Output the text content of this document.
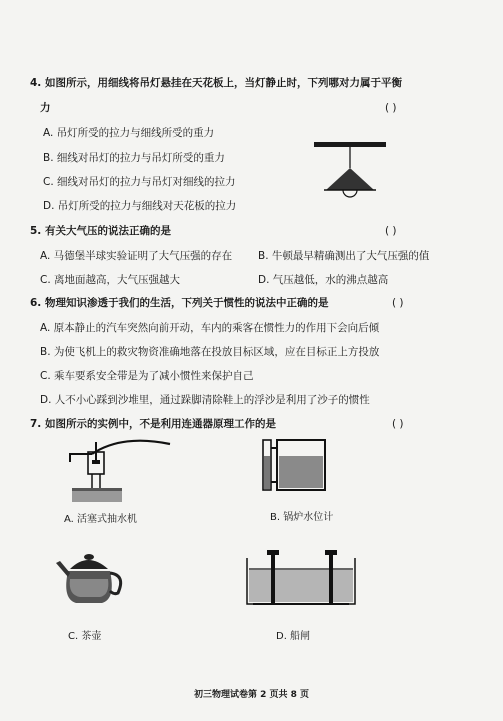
4. 如图所示，用细线将吊灯悬挂在天花板上，当灯静止时，下列哪对力属于平衡
力	( )
A. 吊灯所受的拉力与细线所受的重力
B. 细线对吊灯的拉力与吊灯所受的重力
C. 细线对吊灯的拉力与吊灯对细线的拉力
D. 吊灯所受的拉力与细线对天花板的拉力
5. 有关大气压的说法正确的是	( )
A. 马德堡半球实验证明了大气压强的存在 B. 牛顿最早精确测出了大气压强的值
C. 离地面越高，大气压强越大	D. 气压越低，水的沸点越高
6. 物理知识渗透于我们的生活，下列关于惯性的说法中正确的是	( )
A. 原本静止的汽车突然向前开动，车内的乘客在惯性力的作用下会向后倾
B. 为使飞机上的救灾物资准确地落在投放目标区域，应在目标正上方投放
C. 乘车要系安全带是为了减小惯性来保护自己
D. 人不小心踩到沙堆里，通过跺脚清除鞋上的浮沙是利用了沙子的惯性
7. 如图所示的实例中，不是利用连通器原理工作的是	( )
A. 活塞式抽水机	B. 锅炉水位计
C. 茶壶	D. 船闸
初三物理试卷第 2 页共 8 页
